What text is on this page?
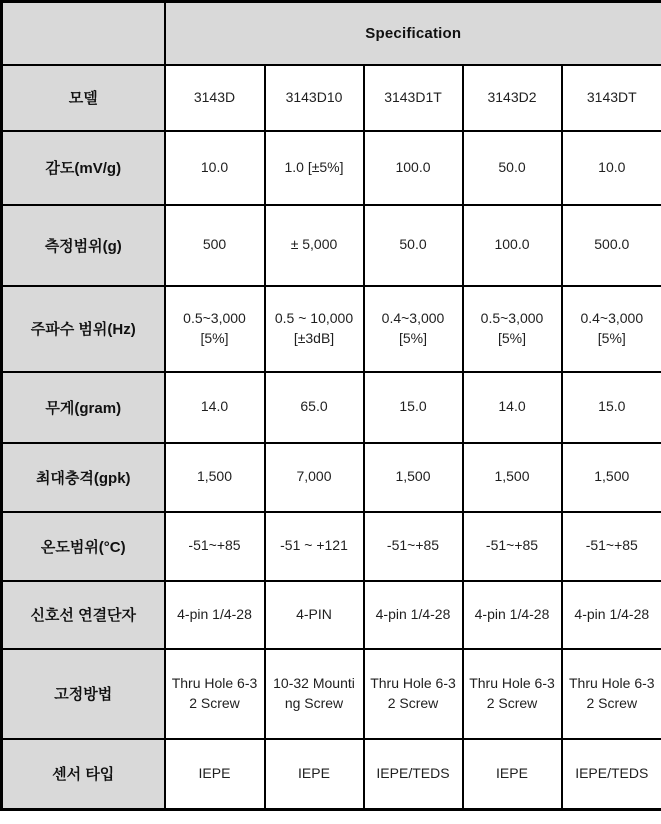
	Specification				
모델	3143D	3143D10	3143D1T	3143D2	3143DT
감도(mV/g)	10.0	1.0 [±5%]	100.0	50.0	10.0
측정범위(g)	500	± 5,000	50.0	100.0	500.0
주파수 범위(Hz)	0.5~3,000 [5%]	0.5 ~ 10,000 [±3dB]	0.4~3,000 [5%]	0.5~3,000 [5%]	0.4~3,000 [5%]
무게(gram)	14.0	65.0	15.0	14.0	15.0
최대충격(gpk)	1,500	7,000	1,500	1,500	1,500
온도범위(°C)	-51~+85	-51 ~ +121	-51~+85	-51~+85	-51~+85
신호선 연결단자	4-pin 1/4-28	4-PIN	4-pin 1/4-28	4-pin 1/4-28	4-pin 1/4-28
고정방법	Thru Hole 6-32 Screw	10-32 Mounting Screw	Thru Hole 6-32 Screw	Thru Hole 6-32 Screw	Thru Hole 6-32 Screw
센서 타입	IEPE	IEPE	IEPE/TEDS	IEPE	IEPE/TEDS
